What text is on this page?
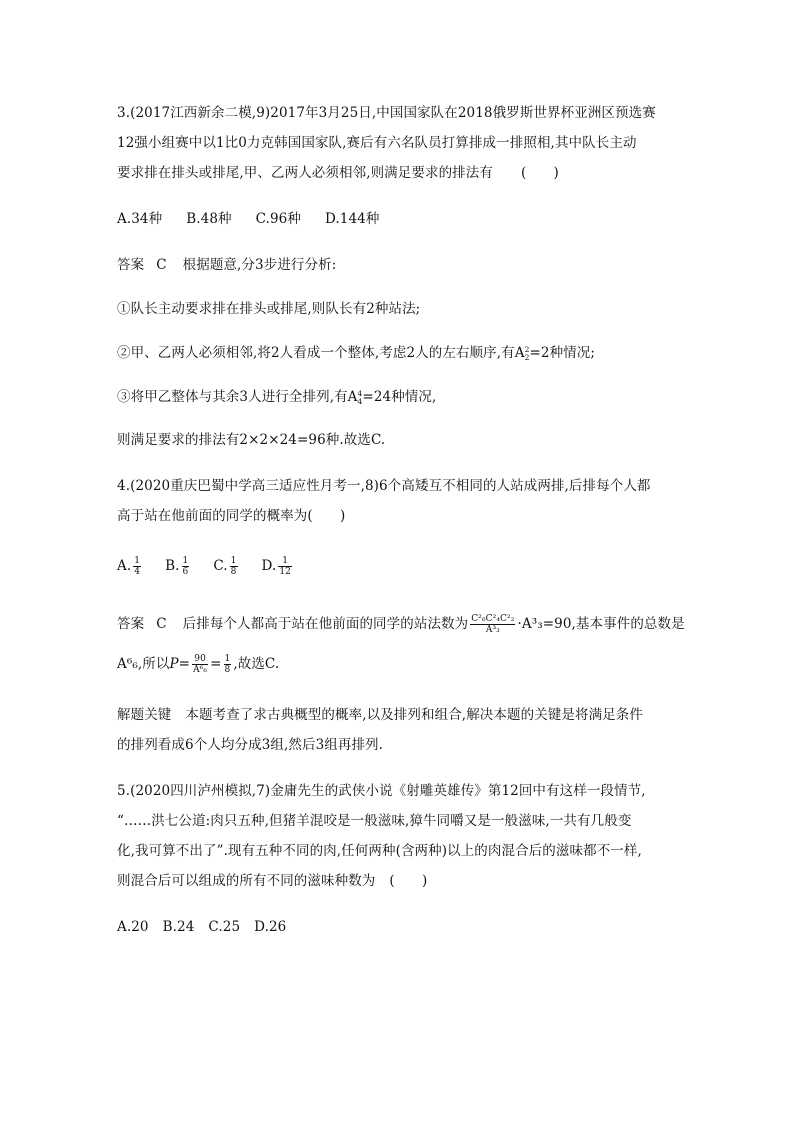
3.(2017江西新余二模,9)2017年3月25日,中国国家队在2018俄罗斯世界杯亚洲区预选赛
12强小组赛中以1比0力克韩国国家队,赛后有六名队员打算排成一排照相,其中队长主动
要求排在排头或排尾,甲、乙两人必须相邻,则满足要求的排法有 (　　)
A.34种 B.48种 C.96种 D.144种
答案 C 根据题意,分3步进行分析:
①队长主动要求排在排头或排尾,则队长有2种站法;
②甲、乙两人必须相邻,将2人看成一个整体,考虑2人的左右顺序,有A 2
2 =2种情况;
③将甲乙整体与其余3人进行全排列,有A 4
4 =24种情况,
则满足要求的排法有2×2×24=96种.故选C.
4.(2020重庆巴蜀中学高三适应性月考一,8)6个高矮互不相同的人站成两排,后排每个人都
高于站在他前面的同学的概率为(　　)
A. $\frac{1}{4} B$. $\frac{1}{6} C$. $\frac{1}{8} D$. $\frac{1}{12}$
答案 C 后排每个人都高于站在他前面的同学的站法数为 $\frac{\text{C²₆C²₄C²₂}}{\text{A³₃}} \cdot A^3_3=90$,基本事件的总数是
A⁶₆,所以$P= \frac{90}{\text{A⁶₆}} = \frac{1}{8}$ ,故选C.
解题关键 本题考查了求古典概型的概率,以及排列和组合,解决本题的关键是将满足条件
的排列看成6个人均分成3组,然后3组再排列.
5.(2020四川泸州模拟,7)金庸先生的武侠小说《射雕英雄传》第12回中有这样一段情节,
“……洪七公道:肉只五种,但猪羊混咬是一般滋味,獐牛同嚼又是一般滋味,一共有几般变
化,我可算不出了”.现有五种不同的肉,任何两种(含两种)以上的肉混合后的滋味都不一样,
则混合后可以组成的所有不同的滋味种数为 (　　)
A.20 B.24 C.25 D.26
